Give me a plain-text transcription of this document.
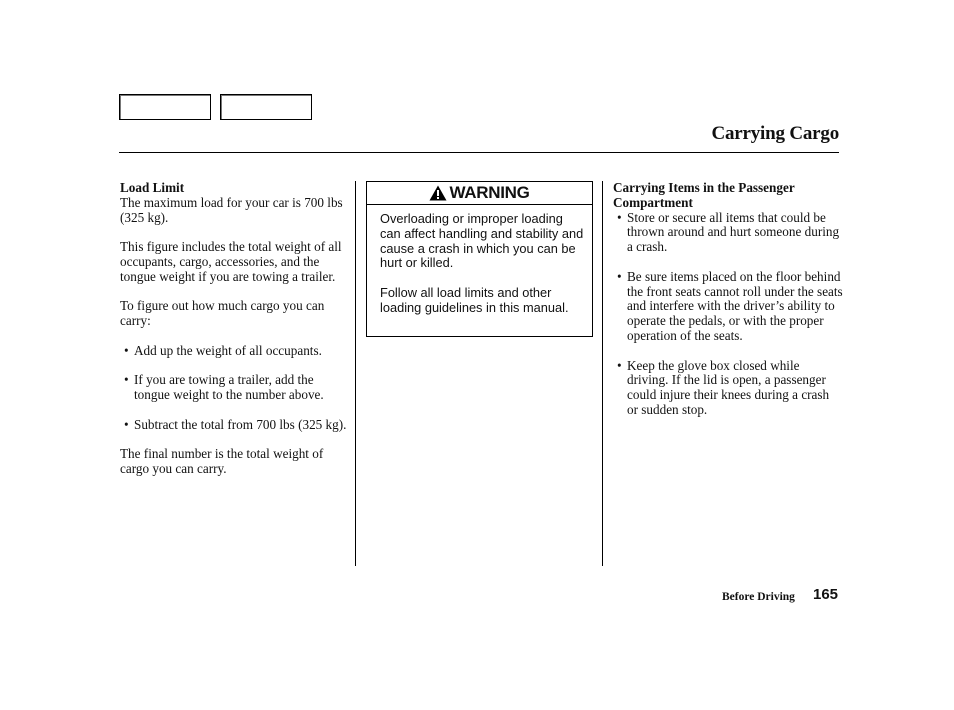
Carrying Cargo

Load Limit

The maximum load for your car is 700 lbs (325 kg).

This figure includes the total weight of all occupants, cargo, accessories, and the tongue weight if you are towing a trailer.

To figure out how much cargo you can carry:

• Add up the weight of all occupants.
• If you are towing a trailer, add the tongue weight to the number above.
• Subtract the total from 700 lbs (325 kg).

The final number is the total weight of cargo you can carry.

WARNING

Overloading or improper loading can affect handling and stability and cause a crash in which you can be hurt or killed.

Follow all load limits and other loading guidelines in this manual.

Carrying Items in the Passenger Compartment

• Store or secure all items that could be thrown around and hurt someone during a crash.
• Be sure items placed on the floor behind the front seats cannot roll under the seats and interfere with the driver’s ability to operate the pedals, or with the proper operation of the seats.
• Keep the glove box closed while driving. If the lid is open, a passenger could injure their knees during a crash or sudden stop.
Before Driving 165
